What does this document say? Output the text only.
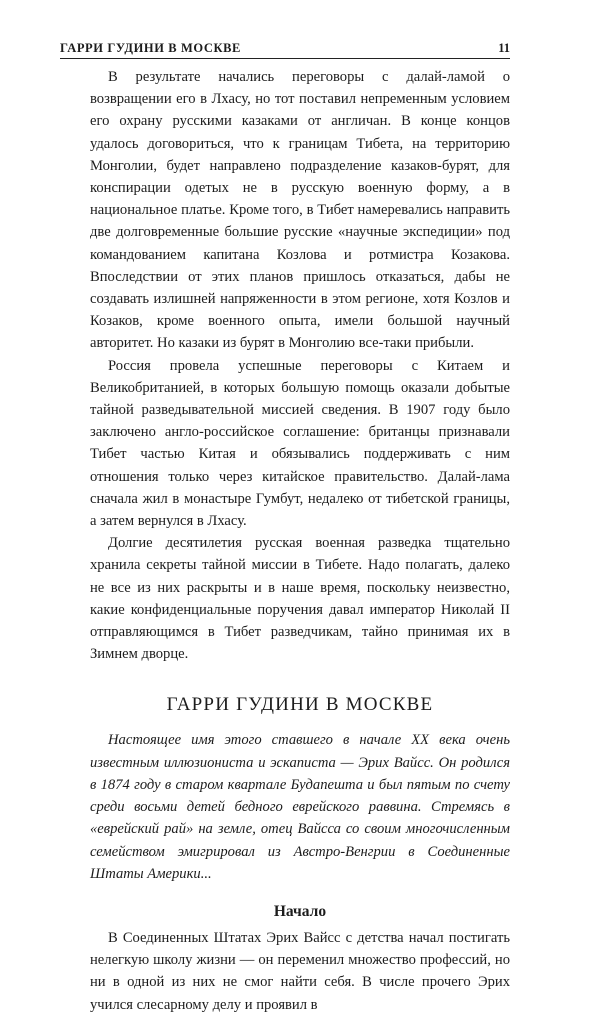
ГАРРИ ГУДИНИ В МОСКВЕ	11

В результате начались переговоры с далай-ламой о возвращении его в Лхасу, но тот поставил непременным условием его охрану русскими казаками от англичан. В конце концов удалось договориться, что к границам Тибета, на территорию Монголии, будет направлено подразделение казаков-бурят, для конспирации одетых не в русскую военную форму, а в национальное платье. Кроме того, в Тибет намеревались направить две долговременные большие русские «научные экспедиции» под командованием капитана Козлова и ротмистра Козакова. Впоследствии от этих планов пришлось отказаться, дабы не создавать излишней напряженности в этом регионе, хотя Козлов и Козаков, кроме военного опыта, имели большой научный авторитет. Но казаки из бурят в Монголию все-таки прибыли.

Россия провела успешные переговоры с Китаем и Великобританией, в которых большую помощь оказали добытые тайной разведывательной миссией сведения. В 1907 году было заключено англо-российское соглашение: британцы признавали Тибет частью Китая и обязывались поддерживать с ним отношения только через китайское правительство. Далай-лама сначала жил в монастыре Гумбут, недалеко от тибетской границы, а затем вернулся в Лхасу.

Долгие десятилетия русская военная разведка тщательно хранила секреты тайной миссии в Тибете. Надо полагать, далеко не все из них раскрыты и в наше время, поскольку неизвестно, какие конфиденциальные поручения давал император Николай II отправляющимся в Тибет разведчикам, тайно принимая их в Зимнем дворце.

ГАРРИ ГУДИНИ В МОСКВЕ

Настоящее имя этого ставшего в начале XX века очень известным иллюзиониста и эскаписта — Эрих Вайсс. Он родился в 1874 году в старом квартале Будапешта и был пятым по счету среди восьми детей бедного еврейского раввина. Стремясь в «еврейский рай» на земле, отец Вайсса со своим многочисленным семейством эмигрировал из Австро-Венгрии в Соединенные Штаты Америки...

Начало

В Соединенных Штатах Эрих Вайсс с детства начал постигать нелегкую школу жизни — он переменил множество профессий, но ни в одной из них не смог найти себя. В числе прочего Эрих учился слесарному делу и проявил в
